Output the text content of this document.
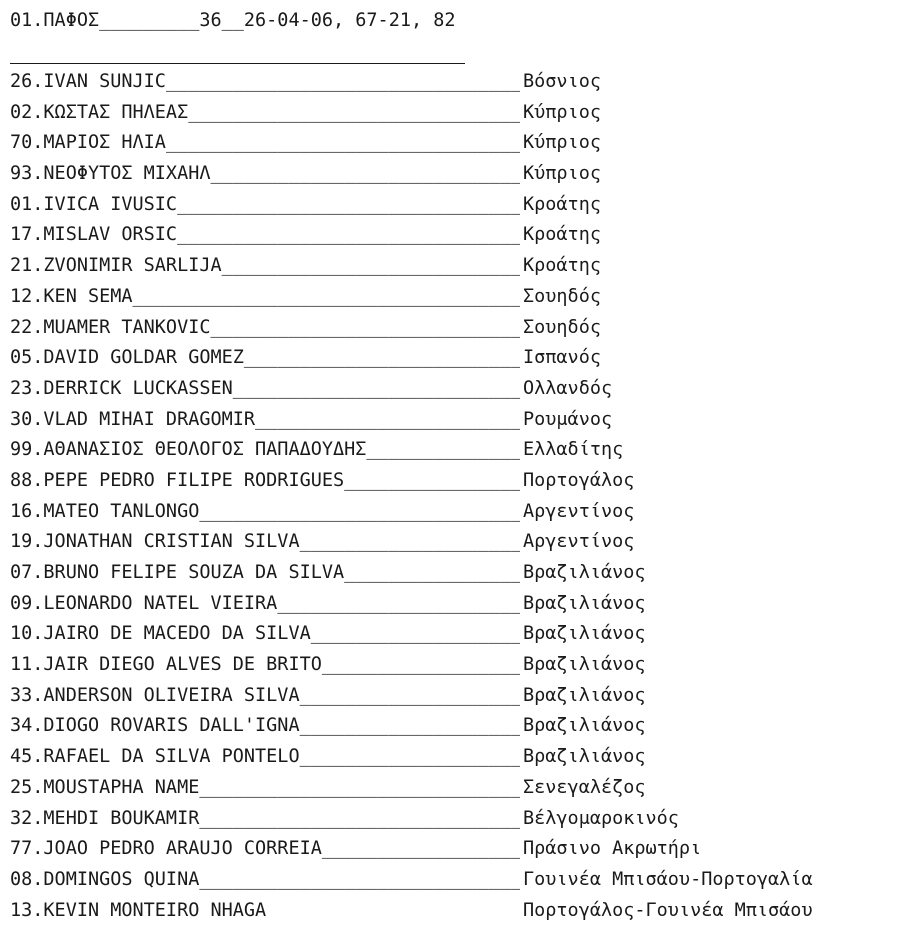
01.ΠΑΦΟΣ_________36__26-04-06, 67-21, 82
26.IVAN SUNJIC _____	Βόσνιος
02.ΚΩΣΤΑΣ ΠΗΛΕΑΣ _____	Κύπριος
70.ΜΑΡΙΟΣ ΗΛΙΑ _____	Κύπριος
93.ΝΕΟΦΥΤΟΣ ΜΙΧΑΗΛ _____	Κύπριος
01.IVICA IVUSIC _____	Κροάτης
17.MISLAV ORSIC _____	Κροάτης
21.ZVONIMIR SARLIJA _____	Κροάτης
12.KEN SEMA _____	Σουηδός
22.MUAMER TANKOVIC _____	Σουηδός
05.DAVID GOLDAR GOMEZ _____	Ισπανός
23.DERRICK LUCKASSEN _____	Ολλανδός
30.VLAD MIHAI DRAGOMIR _____	Ρουμάνος
99.ΑΘΑΝΑΣΙΟΣ ΘΕΟΛΟΓΟΣ ΠΑΠΑΔΟΥΔΗΣ _____	Ελλαδίτης
88.PEPE PEDRO FILIPE RODRIGUES _____	Πορτογάλος
16.MATEO TANLONGO _____	Αργεντίνος
19.JONATHAN CRISTIAN SILVA _____	Αργεντίνος
07.BRUNO FELIPE SOUZA DA SILVA _____	Βραζιλιάνος
09.LEONARDO NATEL VIEIRA _____	Βραζιλιάνος
10.JAIRO DE MACEDO DA SILVA _____	Βραζιλιάνος
11.JAIR DIEGO ALVES DE BRITO _____	Βραζιλιάνος
33.ANDERSON OLIVEIRA SILVA _____	Βραζιλιάνος
34.DIOGO ROVARIS DALL'IGNA _____	Βραζιλιάνος
45.RAFAEL DA SILVA PONTELO _____	Βραζιλιάνος
25.MOUSTAPHA NAME _____	Σενεγαλέζος
32.MEHDI BOUKAMIR _____	Βέλγομαροκινός
77.JOAO PEDRO ARAUJO CORREIA _____	Πράσινο Ακρωτήρι
08.DOMINGOS QUINA _____	Γουινέα Μπισάου-Πορτογαλία
13.KEVIN MONTEIRO NHAGA	Πορτογάλος-Γουινέα Μπισάου
